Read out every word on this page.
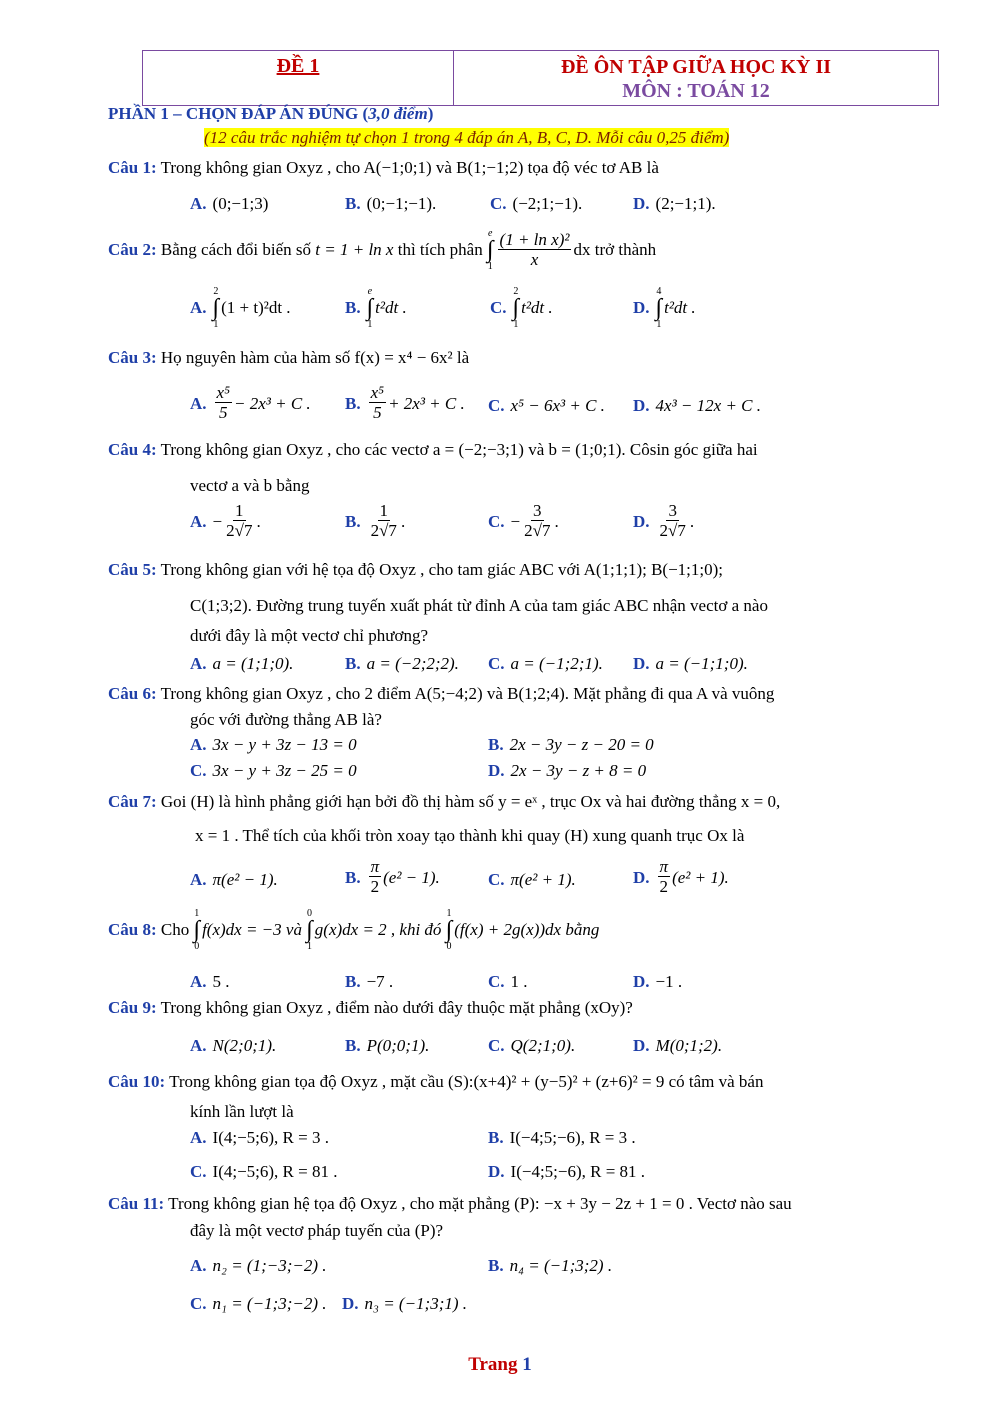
ĐỀ 1	ĐỀ ÔN TẬP GIỮA HỌC KỲ II
MÔN : TOÁN 12
PHẦN 1 – CHỌN ĐÁP ÁN ĐÚNG (3,0 điểm)
(12 câu trắc nghiệm tự chọn 1 trong 4 đáp án A, B, C, D. Mỗi câu 0,25 điểm)
Câu 1: Trong không gian Oxyz , cho A(−1;0;1) và B(1;−1;2) tọa độ véc tơ AB là
A. (0;−1;3)	B. (0;−1;−1).	C. (−2;1;−1).	D. (2;−1;1).
Câu 2:
Bằng cách đổi biến số
t = 1 + ln x
thì tích phân

e
∫
$1 \frac{\text{(1 + ln x)²}}{x}$ dx trở thành
A.
2
∫
1
(1 + t)²dt .	B.
e
∫
1
t²dt .	C.
2
∫
1
t²dt .	D.
4
∫
1
t²dt .
Câu 3: Họ nguyên hàm của hàm số f(x) = x⁴ − 6x² là
A. $\frac{\text{x⁵}}{5} - 2x^3 + C$ . B. $\frac{\text{x⁵}}{5} + 2x^3 + C$ . C. x⁵ − 6x³ + C . D. 4x³ − 12x + C .
Câu 4: Trong không gian Oxyz , cho các vectơ a = (−2;−3;1) và b = (1;0;1). Côsin góc giữa hai
vectơ a và b bằng
A. − $\frac{1}{2√7}$ .	B. $\frac{1}{2√7}$ .	C. − $\frac{3}{2√7}$ .	D. $\frac{3}{2√7}$ .
Câu 5: Trong không gian với hệ tọa độ Oxyz , cho tam giác ABC với A(1;1;1); B(−1;1;0);
C(1;3;2). Đường trung tuyến xuất phát từ đỉnh A của tam giác ABC nhận vectơ a nào
dưới đây là một vectơ chỉ phương?
A. a = (1;1;0).	B. a = (−2;2;2). C. a = (−1;2;1). D. a = (−1;1;0).
Câu 6: Trong không gian Oxyz , cho 2 điểm A(5;−4;2) và B(1;2;4). Mặt phẳng đi qua A và vuông
góc với đường thẳng AB là?
A. 3x − y + 3z − 13 = 0	B. 2x − 3y − z − 20 = 0
C. 3x − y + 3z − 25 = 0	D. 2x − 3y − z + 8 = 0
Câu 7: Goi (H) là hình phẳng giới hạn bởi đồ thị hàm số y = eˣ , trục Ox và hai đường thẳng x = 0,
x = 1 . Thể tích của khối tròn xoay tạo thành khi quay (H) xung quanh trục Ox là
A. π(e² − 1).	B. $\frac{\pi}{2} (e^2 - 1)$.	C. π(e² + 1).	D. $\frac{\pi}{2} (e^2 + 1)$.
Câu 8:
Cho

1
∫
0
f(x)dx = −3 và

0
∫
1
g(x)dx = 2 , khi đó

1
∫
0
(f(x) + 2g(x))dx bằng
A. 5 .	B. −7 .	C. 1 .	D. −1 .
Câu 9: Trong không gian Oxyz , điểm nào dưới đây thuộc mặt phẳng (xOy)?
A. N(2;0;1).	B. P(0;0;1).	C. Q(2;1;0).	D. M(0;1;2).
Câu 10: Trong không gian tọa độ Oxyz , mặt cầu (S):(x+4)² + (y−5)² + (z+6)² = 9 có tâm và bán
kính lần lượt là
A. I(4;−5;6), R = 3 .	B. I(−4;5;−6), R = 3 .
C. I(4;−5;6), R = 81 .	D. I(−4;5;−6), R = 81 .
Câu 11: Trong không gian hệ tọa độ Oxyz , cho mặt phẳng (P): −x + 3y − 2z + 1 = 0 . Vectơ nào sau
đây là một vectơ pháp tuyến của (P)?
A. n₂ = (1;−3;−2) .	B. n₄ = (−1;3;2) .
C. n₁ = (−1;3;−2) . D. n₃ = (−1;3;1) .
Trang 1
